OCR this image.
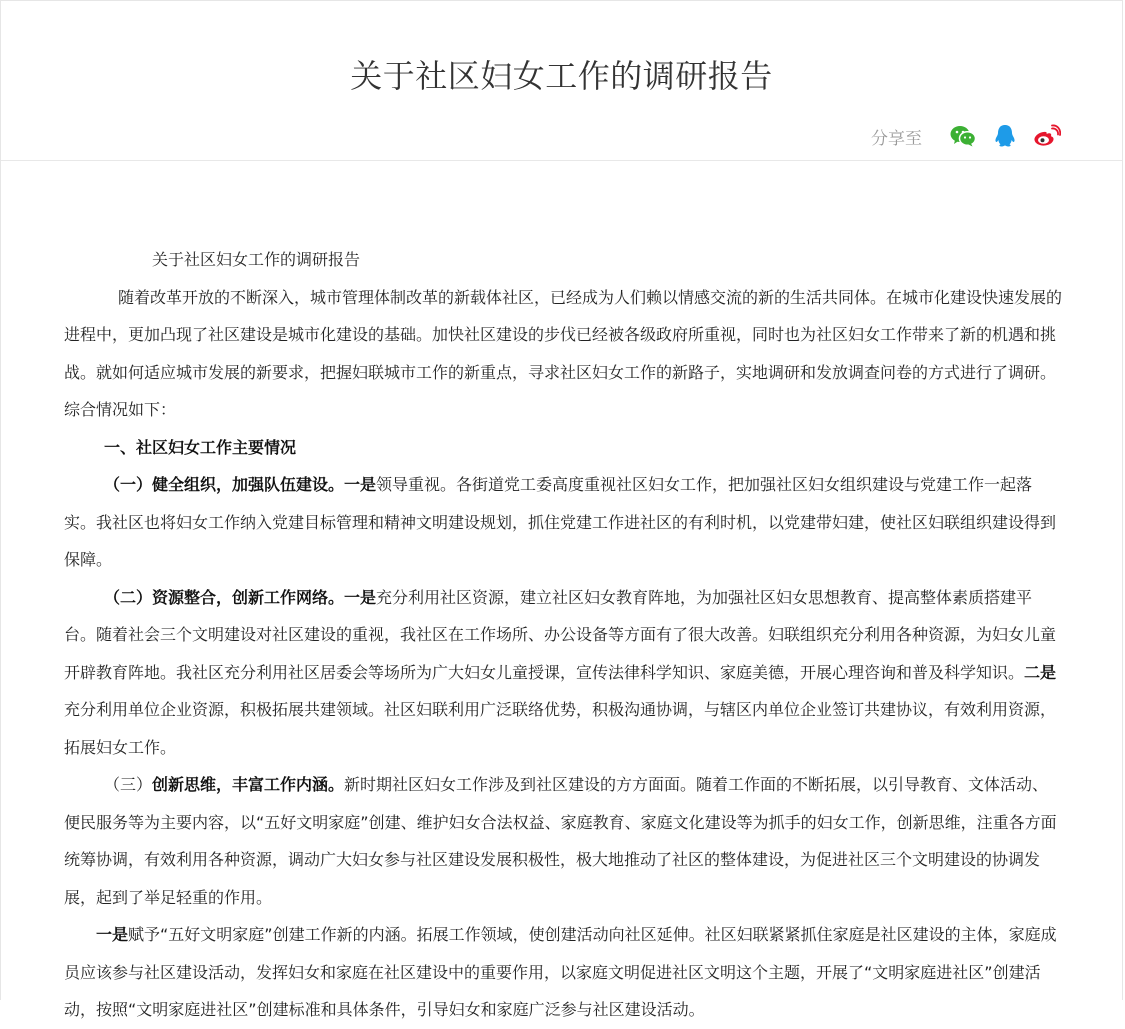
关于社区妇女工作的调研报告
分享至

关于社区妇女工作的调研报告

随着改革开放的不断深入，城市管理体制改革的新载体社区，已经成为人们赖以情感交流的新的生活共同体。在城市化建设快速发展的进程中，更加凸现了社区建设是城市化建设的基础。加快社区建设的步伐已经被各级政府所重视，同时也为社区妇女工作带来了新的机遇和挑战。就如何适应城市发展的新要求，把握妇联城市工作的新重点，寻求社区妇女工作的新路子，实地调研和发放调查问卷的方式进行了调研。综合情况如下：

一、社区妇女工作主要情况

（一）健全组织，加强队伍建设。一是领导重视。各街道党工委高度重视社区妇女工作，把加强社区妇女组织建设与党建工作一起落实。我社区也将妇女工作纳入党建目标管理和精神文明建设规划，抓住党建工作进社区的有利时机，以党建带妇建，使社区妇联组织建设得到保障。

（二）资源整合，创新工作网络。一是充分利用社区资源，建立社区妇女教育阵地，为加强社区妇女思想教育、提高整体素质搭建平台。随着社会三个文明建设对社区建设的重视，我社区在工作场所、办公设备等方面有了很大改善。妇联组织充分利用各种资源，为妇女儿童开辟教育阵地。我社区充分利用社区居委会等场所为广大妇女儿童授课，宣传法律科学知识、家庭美德，开展心理咨询和普及科学知识。二是充分利用单位企业资源，积极拓展共建领域。社区妇联利用广泛联络优势，积极沟通协调，与辖区内单位企业签订共建协议，有效利用资源，拓展妇女工作。

（三）创新思维，丰富工作内涵。新时期社区妇女工作涉及到社区建设的方方面面。随着工作面的不断拓展，以引导教育、文体活动、便民服务等为主要内容，以“五好文明家庭”创建、维护妇女合法权益、家庭教育、家庭文化建设等为抓手的妇女工作，创新思维，注重各方面统筹协调，有效利用各种资源，调动广大妇女参与社区建设发展积极性，极大地推动了社区的整体建设，为促进社区三个文明建设的协调发展，起到了举足轻重的作用。

一是赋予“五好文明家庭”创建工作新的内涵。拓展工作领域，使创建活动向社区延伸。社区妇联紧紧抓住家庭是社区建设的主体，家庭成员应该参与社区建设活动，发挥妇女和家庭在社区建设中的重要作用，以家庭文明促进社区文明这个主题，开展了“文明家庭进社区”创建活动，按照“文明家庭进社区”创建标准和具体条件，引导妇女和家庭广泛参与社区建设活动。
